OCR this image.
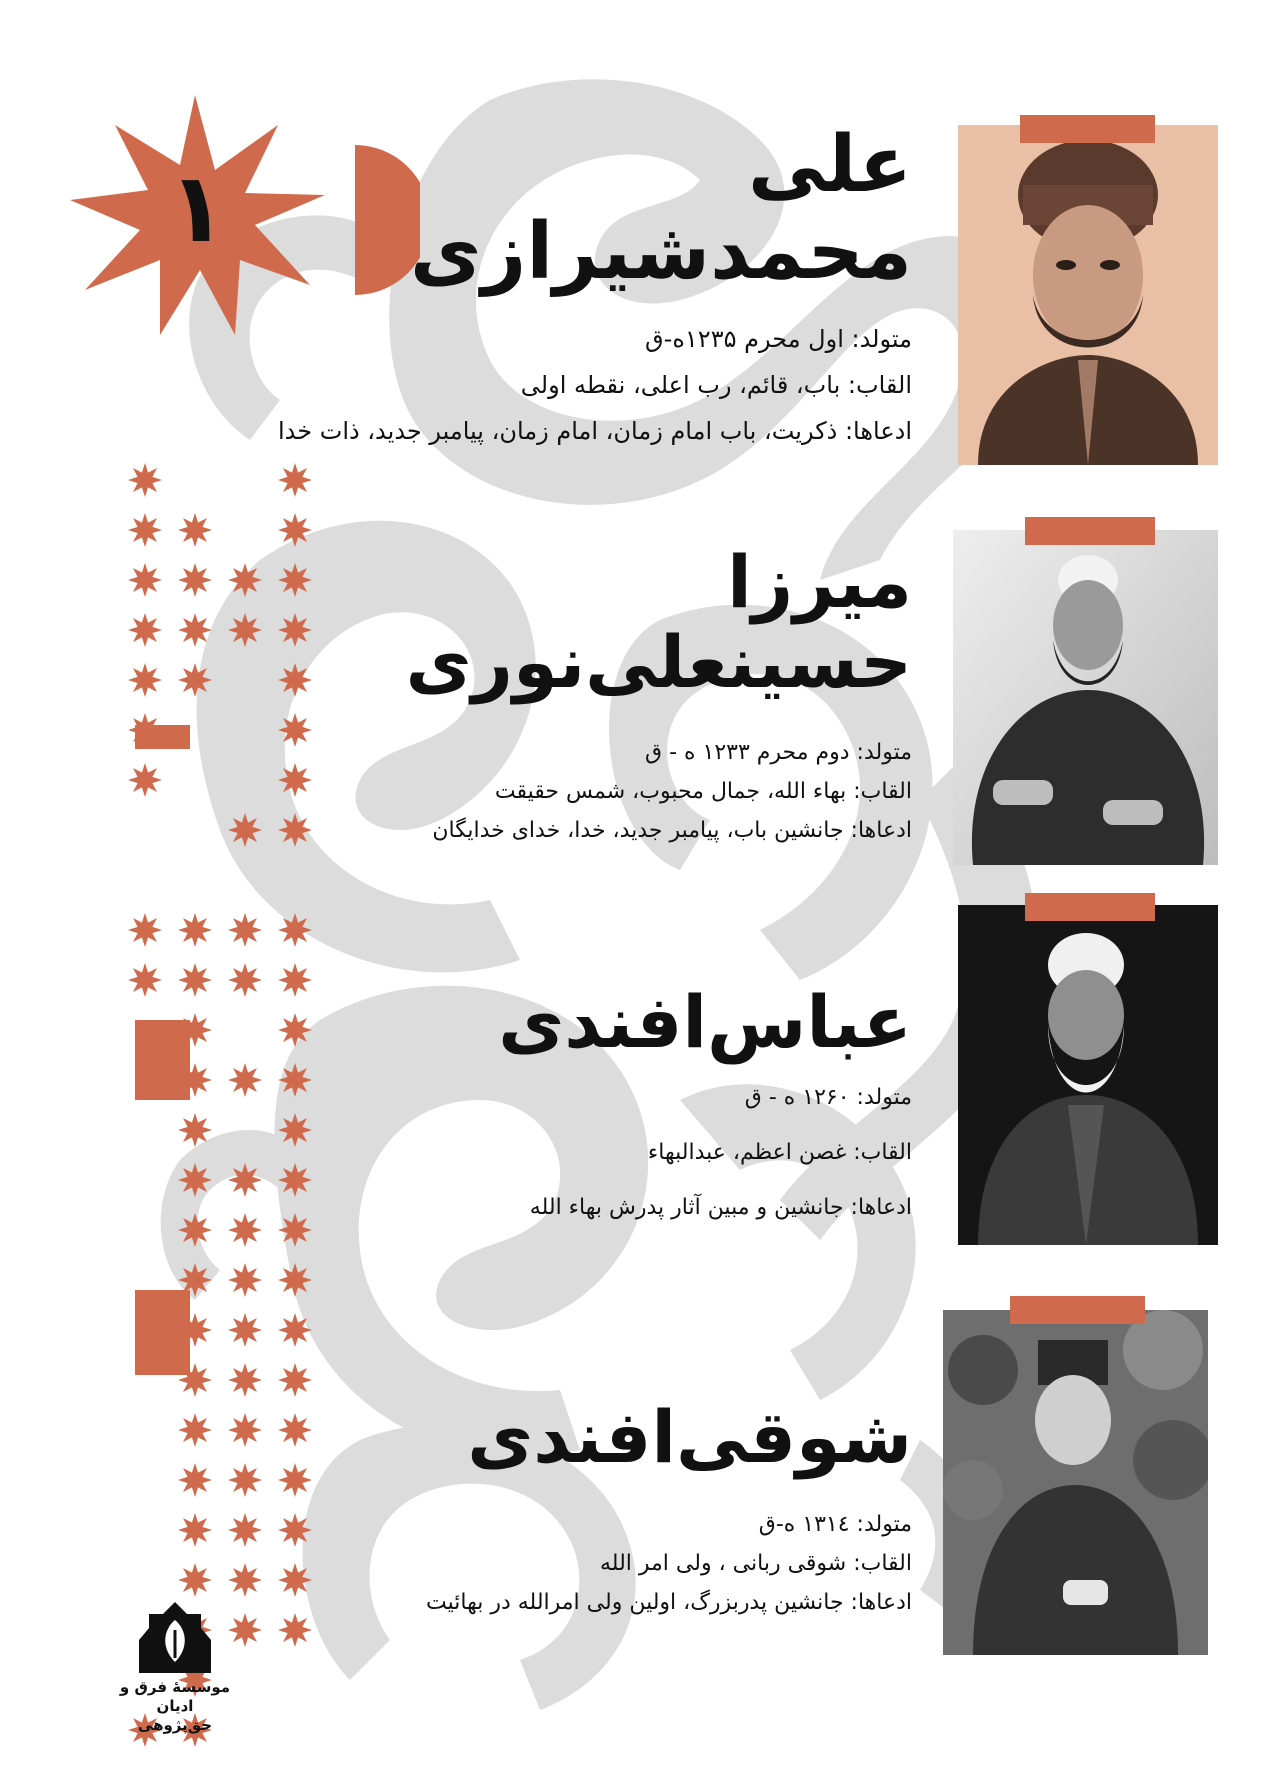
١	علی
محمدشیرازی
متولد: اول محرم ۱۲۳۵ه-ق
القاب: باب، قائم، رب اعلی، نقطه اولی
ادعاها: ذکریت، باب امام زمان، امام زمان، پیامبر جدید، ذات خدا
میرزا
حسینعلی‌نوری
متولد: دوم محرم ۱۲۳۳ ه - ق
القاب: بهاء الله، جمال محبوب، شمس حقیقت
ادعاها: جانشین باب، پیامبر جدید، خدا، خدای خدایگان
عباس‌افندی
متولد: ۱۲۶۰ ه - ق
القاب: غصن اعظم، عبدالبهاء
ادعاها: جانشین و مبین آثار پدرش بهاء الله
شوقی‌افندی
متولد: ۱۳۱٤ ه-ق
القاب: شوقی ربانی ، ولی امر الله
ادعاها: جانشین پدربزرگ، اولین ولی امرالله در بهائیت
موسسهٔ فرق و ادیان
حق‌پژوهی
